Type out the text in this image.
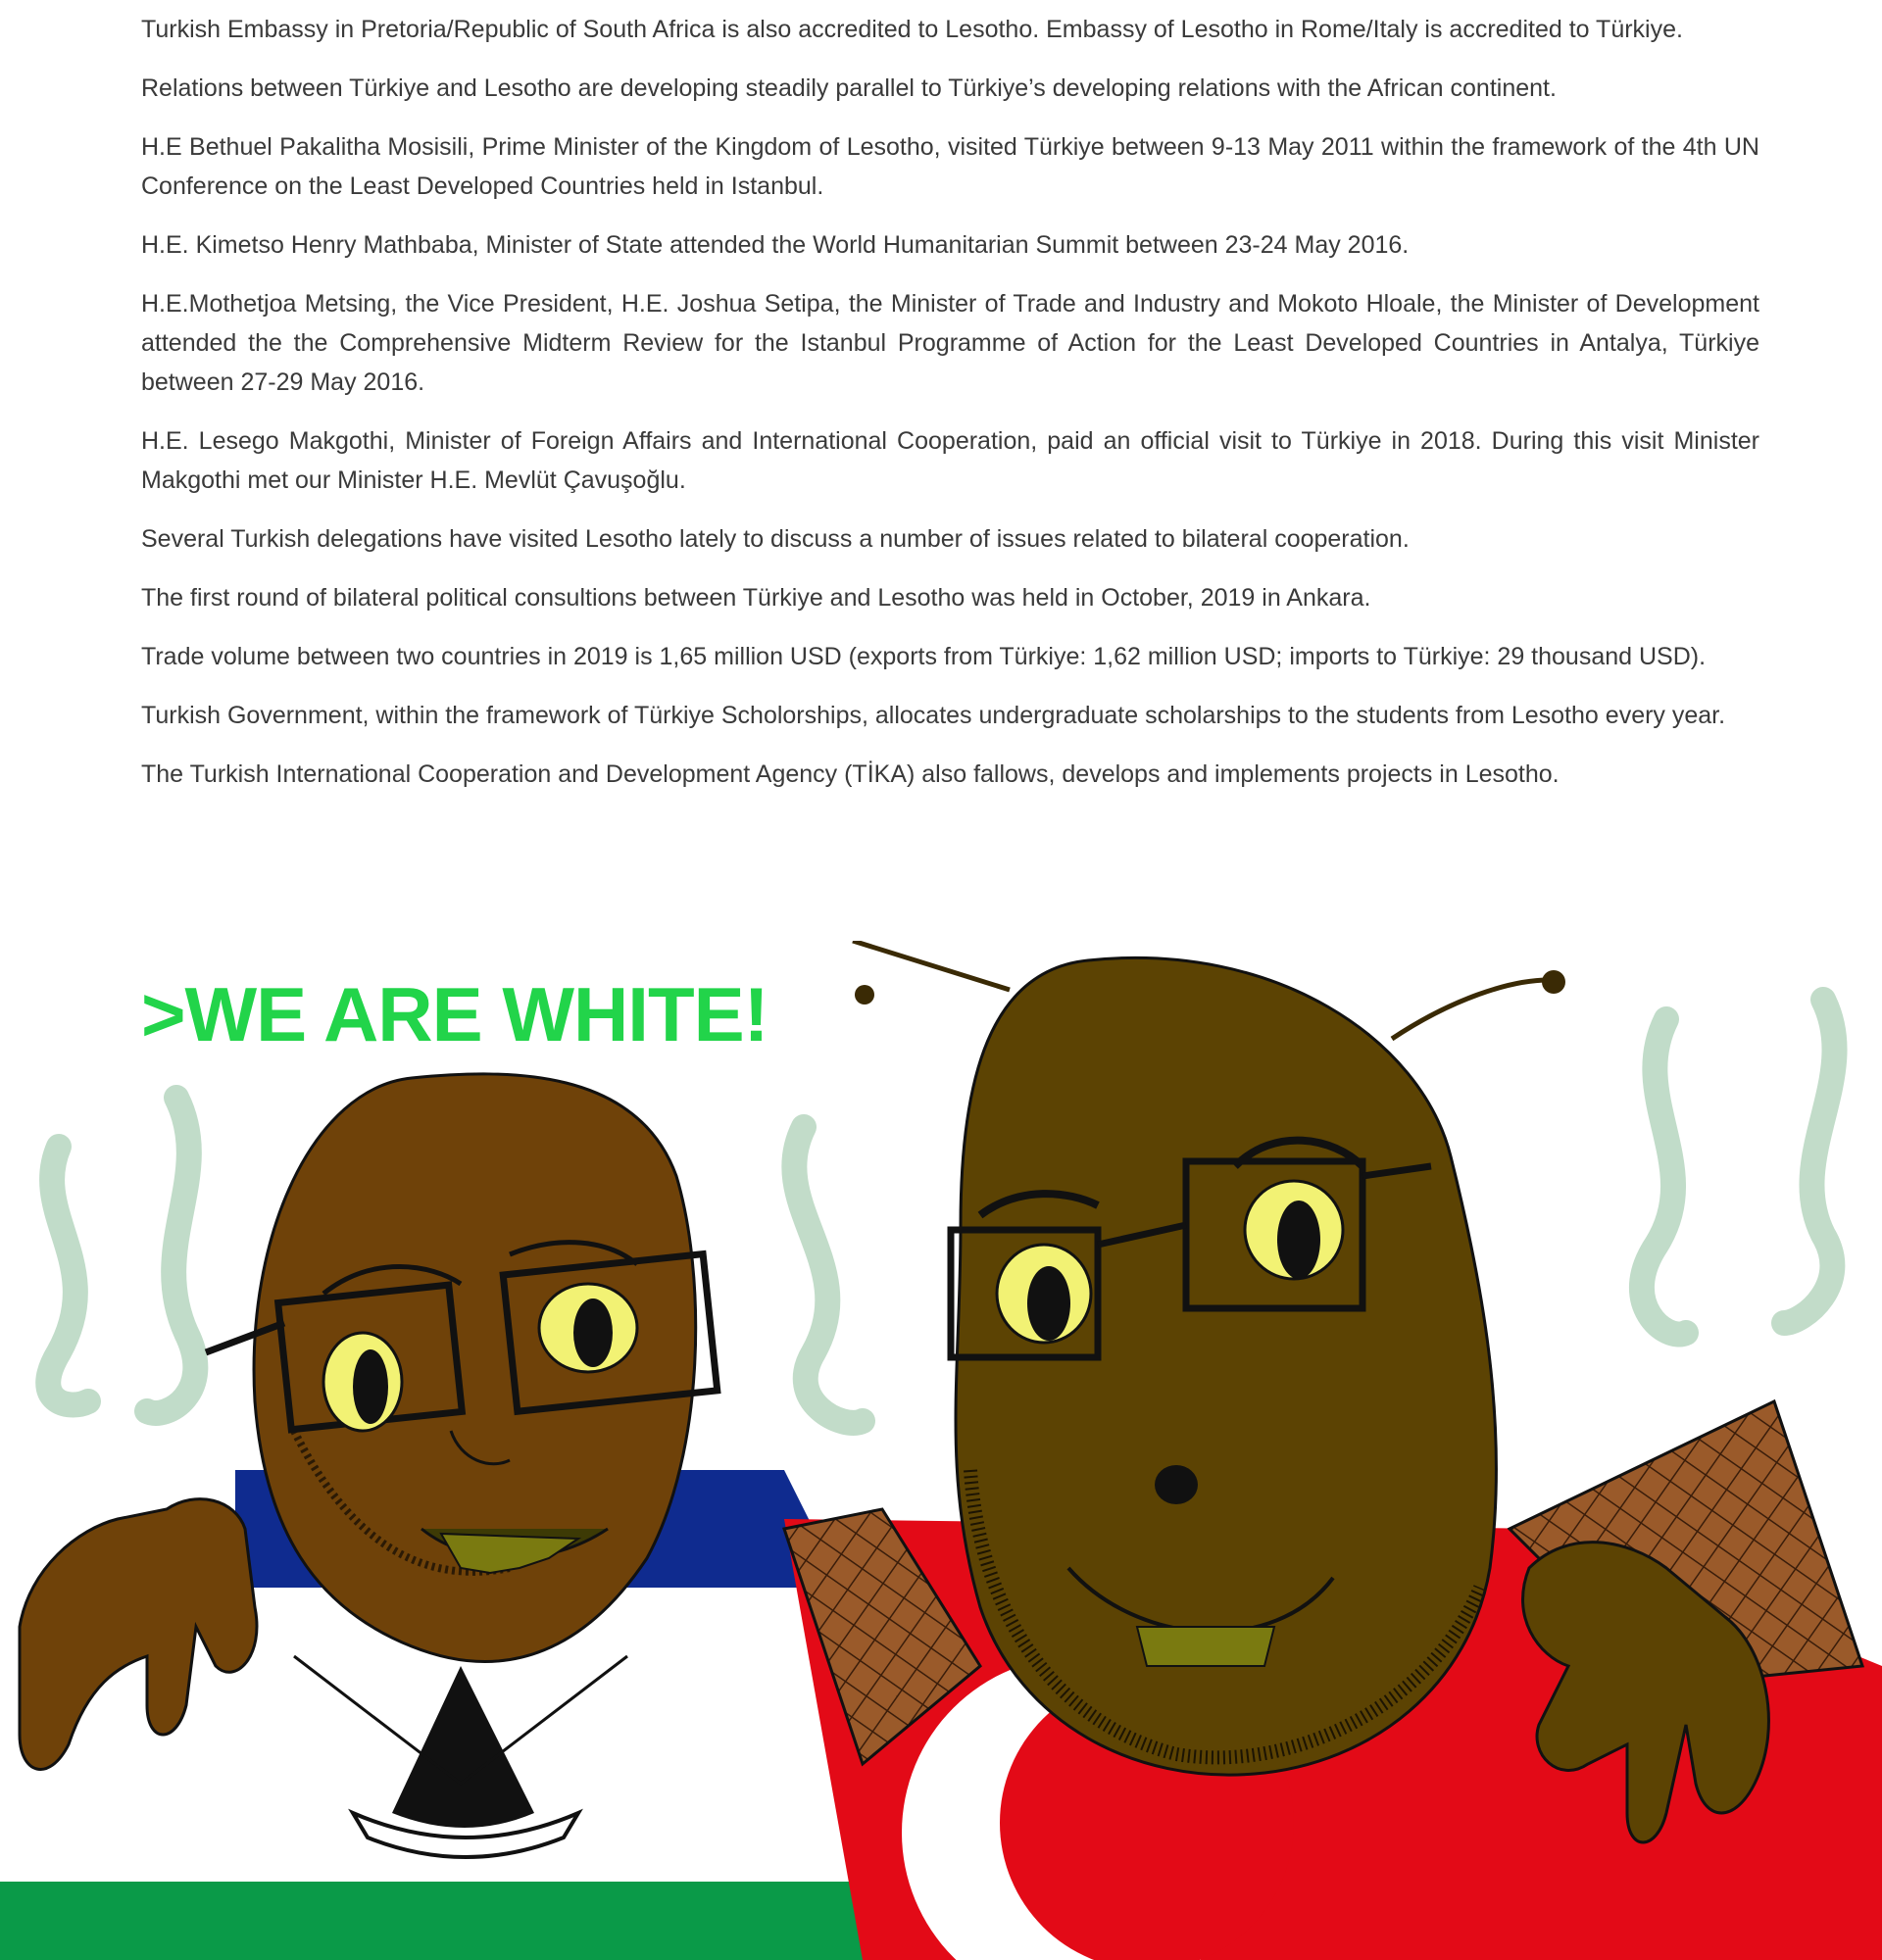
Turkish Embassy in Pretoria/Republic of South Africa is also accredited to Lesotho. Embassy of Lesotho in Rome/Italy is accredited to Türkiye.

Relations between Türkiye and Lesotho are developing steadily parallel to Türkiye’s developing relations with the African continent.

H.E Bethuel Pakalitha Mosisili, Prime Minister of the Kingdom of Lesotho, visited Türkiye between 9-13 May 2011 within the framework of the 4th UN Conference on the Least Developed Countries held in Istanbul.

H.E. Kimetso Henry Mathbaba, Minister of State attended the World Humanitarian Summit between 23-24 May 2016.

H.E.Mothetjoa Metsing, the Vice President, H.E. Joshua Setipa, the Minister of Trade and Industry and Mokoto Hloale, the Minister of Development attended the the Comprehensive Midterm Review for the Istanbul Programme of Action for the Least Developed Countries in Antalya, Türkiye between 27-29 May 2016.

H.E. Lesego Makgothi, Minister of Foreign Affairs and International Cooperation, paid an official visit to Türkiye in 2018. During this visit Minister Makgothi met our Minister H.E. Mevlüt Çavuşoğlu.

Several Turkish delegations have visited Lesotho lately to discuss a number of issues related to bilateral cooperation.

The first round of bilateral political consultions between Türkiye and Lesotho was held in October, 2019 in Ankara.

Trade volume between two countries in 2019 is 1,65 million USD (exports from Türkiye: 1,62 million USD; imports to Türkiye: 29 thousand USD).

Turkish Government, within the framework of Türkiye Scholorships, allocates undergraduate scholarships to the students from Lesotho every year.

The Turkish International Cooperation and Development Agency (TİKA) also fallows, develops and implements projects in Lesotho.

>WE ARE WHITE!
